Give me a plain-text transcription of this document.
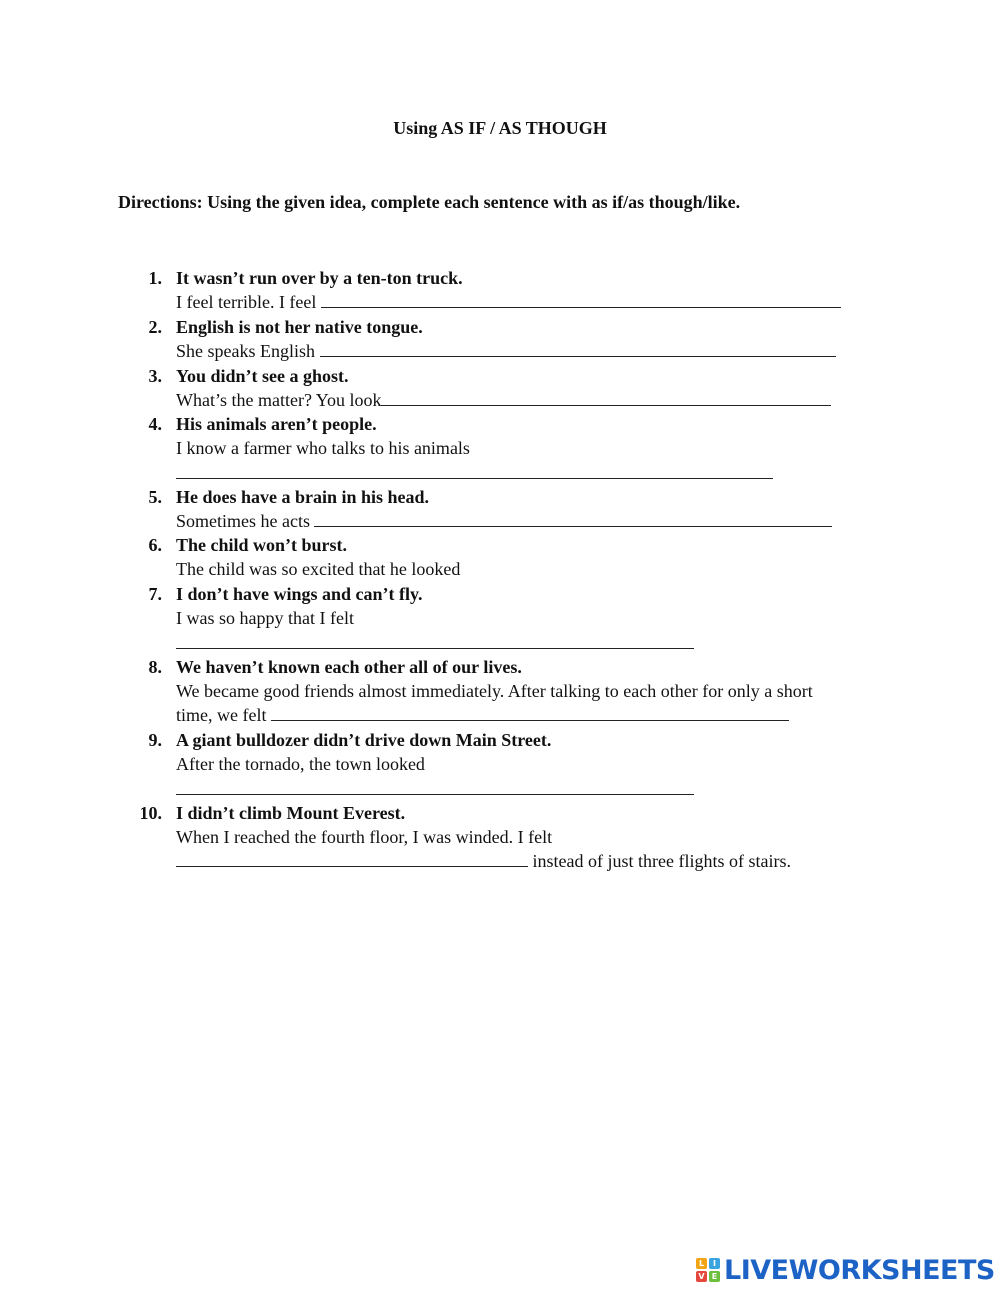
Using AS IF / AS THOUGH
Directions: Using the given idea, complete each sentence with as if/as though/like.
1. It wasn’t run over by a ten-ton truck.
I feel terrible. I feel
2. English is not her native tongue.
She speaks English
3. You didn’t see a ghost.
What’s the matter? You look
4. His animals aren’t people.
I know a farmer who talks to his animals
5. He does have a brain in his head.
Sometimes he acts
6. The child won’t burst.
The child was so excited that he looked
7. I don’t have wings and can’t fly.
I was so happy that I felt
8. We haven’t known each other all of our lives.
We became good friends almost immediately. After talking to each other for only a short
time, we felt
9. A giant bulldozer didn’t drive down Main Street.
After the tornado, the town looked
10. I didn’t climb Mount Everest.
When I reached the fourth floor, I was winded. I felt
instead of just three flights of stairs.
L	I
V E LIVEWORKSHEETS
